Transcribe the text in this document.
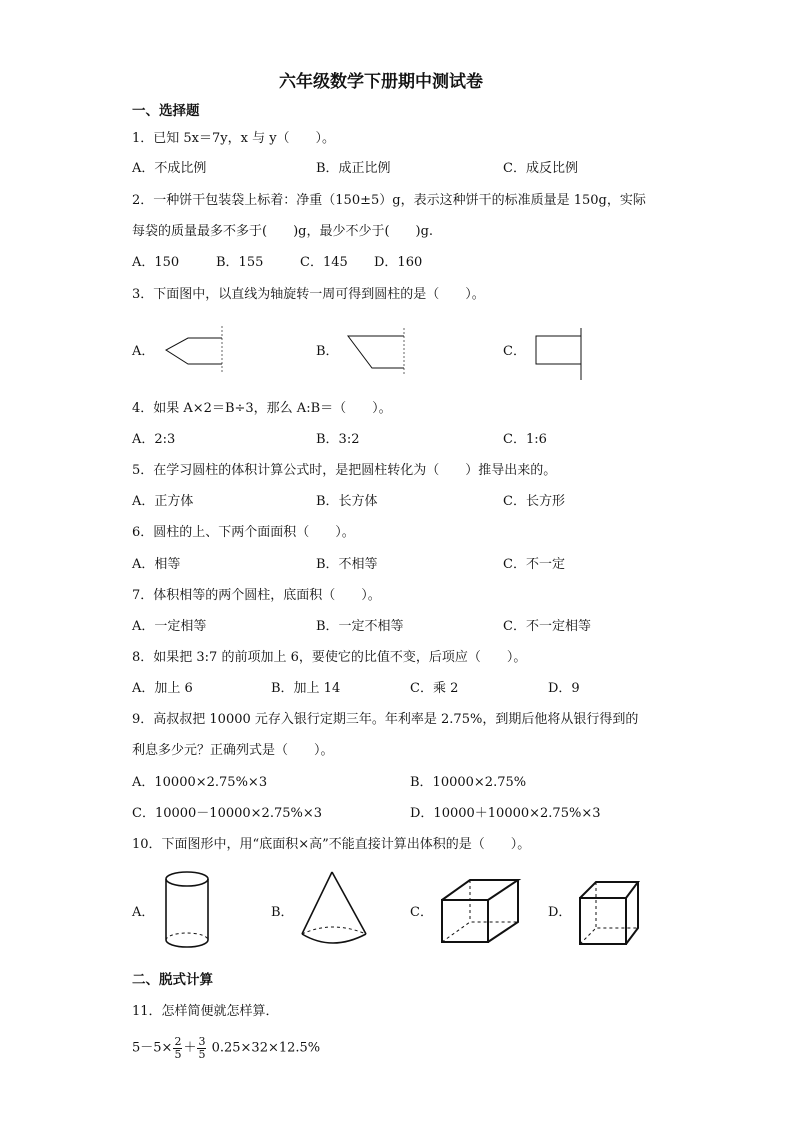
六年级数学下册期中测试卷
一、选择题
1．已知 5x＝7y，x 与 y（　　）。
A．不成比例	B．成正比例	C．成反比例
2．一种饼干包装袋上标着：净重（150±5）g，表示这种饼干的标准质量是 150g，实际
每袋的质量最多不多于(　　)g，最少不少于(　　)g.
A．150	B．155	C．145 D．160
3．下面图中，以直线为轴旋转一周可得到圆柱的是（　　）。
A．	B．	C．
4．如果 A×2＝B÷3，那么 A:B＝（　　）。
A．2:3	B．3:2	C．1:6
5．在学习圆柱的体积计算公式时，是把圆柱转化为（　　）推导出来的。
A．正方体	B．长方体	C．长方形
6．圆柱的上、下两个面面积（　　）。
A．相等	B．不相等	C．不一定
7．体积相等的两个圆柱，底面积（　　）。
A．一定相等	B．一定不相等	C．不一定相等
8．如果把 3:7 的前项加上 6，要使它的比值不变，后项应（　　）。
A．加上 6	B．加上 14	C．乘 2	D．9
9．高叔叔把 10000 元存入银行定期三年。年利率是 2.75%，到期后他将从银行得到的
利息多少元？正确列式是（　　）。
A．10000×2.75%×3	B．10000×2.75%
C．10000－10000×2.75%×3	D．10000＋10000×2.75%×3
10．下面图形中，用“底面积×高”不能直接计算出体积的是（　　）。
A．	B．	C．	D．
二、脱式计算
11．怎样简便就怎样算．
$5-5\times \frac{2}{5} + \frac{3}{5} 0.25\times 32\times 12.5\%$
